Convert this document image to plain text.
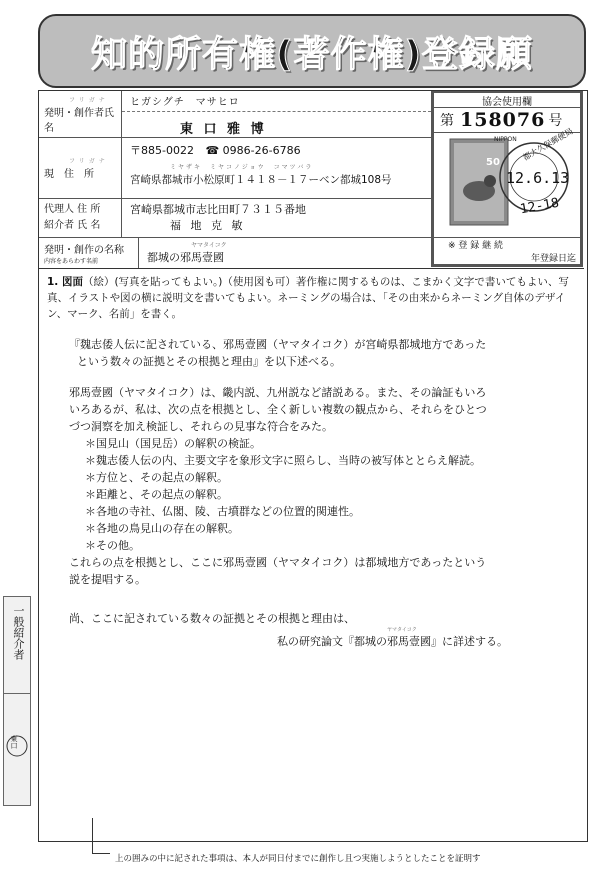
知的所有権(著作権)登録願
フリガナ
発明・創作者氏名
ヒガシグチ　マサヒロ
東 口 雅 博
フリガナ
現　住　所
〒885-0022 ☎ 0986-26-6786
ミヤザキ　ミヤコノジョウ　コマツバラ
宮崎県都城市小松原町１４１８－１７ーベン都城108号
代理人 住 所
紹介者 氏 名
宮崎県都城市志比田町７３１５番地
福 地 克 敏
発明・創作の名称
内容をあらわす名前
ヤマタイコク
都城の邪馬壹國
協会使用欄
第 158076 号
NIPPON
50
都大久保郵便局
12.6.13
12-18
※ 登 録 継 続
年登録日迄

1. 図面（絵）(写真を貼ってもよい。)（使用図も可）著作権に関するものは、こまかく文字で書いてもよい、写真、イラストや図の横に説明文を書いてもよい。ネーミングの場合は、「その由来からネーミング自体のデザイン、マーク、名前」を書く。

『魏志倭人伝に記されている、邪馬壹國（ヤマタイコク）が宮崎県都城地方であった

という数々の証拠とその根拠と理由』を以下述べる。

邪馬壹國（ヤマタイコク）は、畿内説、九州説など諸説ある。また、その論証もいろ

いろあるが、私は、次の点を根拠とし、全く新しい複数の観点から、それらをひとつ

づつ洞察を加え検証し、それらの見事な符合をみた。

＊国見山（国見岳）の解釈の検証。

＊魏志倭人伝の内、主要文字を象形文字に照らし、当時の被写体ととらえ解読。

＊方位と、その起点の解釈。

＊距離と、その起点の解釈。

＊各地の寺社、仏閣、陵、古墳群などの位置的関連性。

＊各地の鳥見山の存在の解釈。

＊その他。

これらの点を根拠とし、ここに邪馬壹國（ヤマタイコク）は都城地方であったという

説を提唱する。

尚、ここに記されている数々の証拠とその根拠と理由は、

ヤマタイコク

私の研究論文『都城の邪馬壹國』に詳述する。

一般紹介者
東口
上の囲みの中に記された事項は、本人が同日付までに創作し且つ実施しようとしたことを証明す
